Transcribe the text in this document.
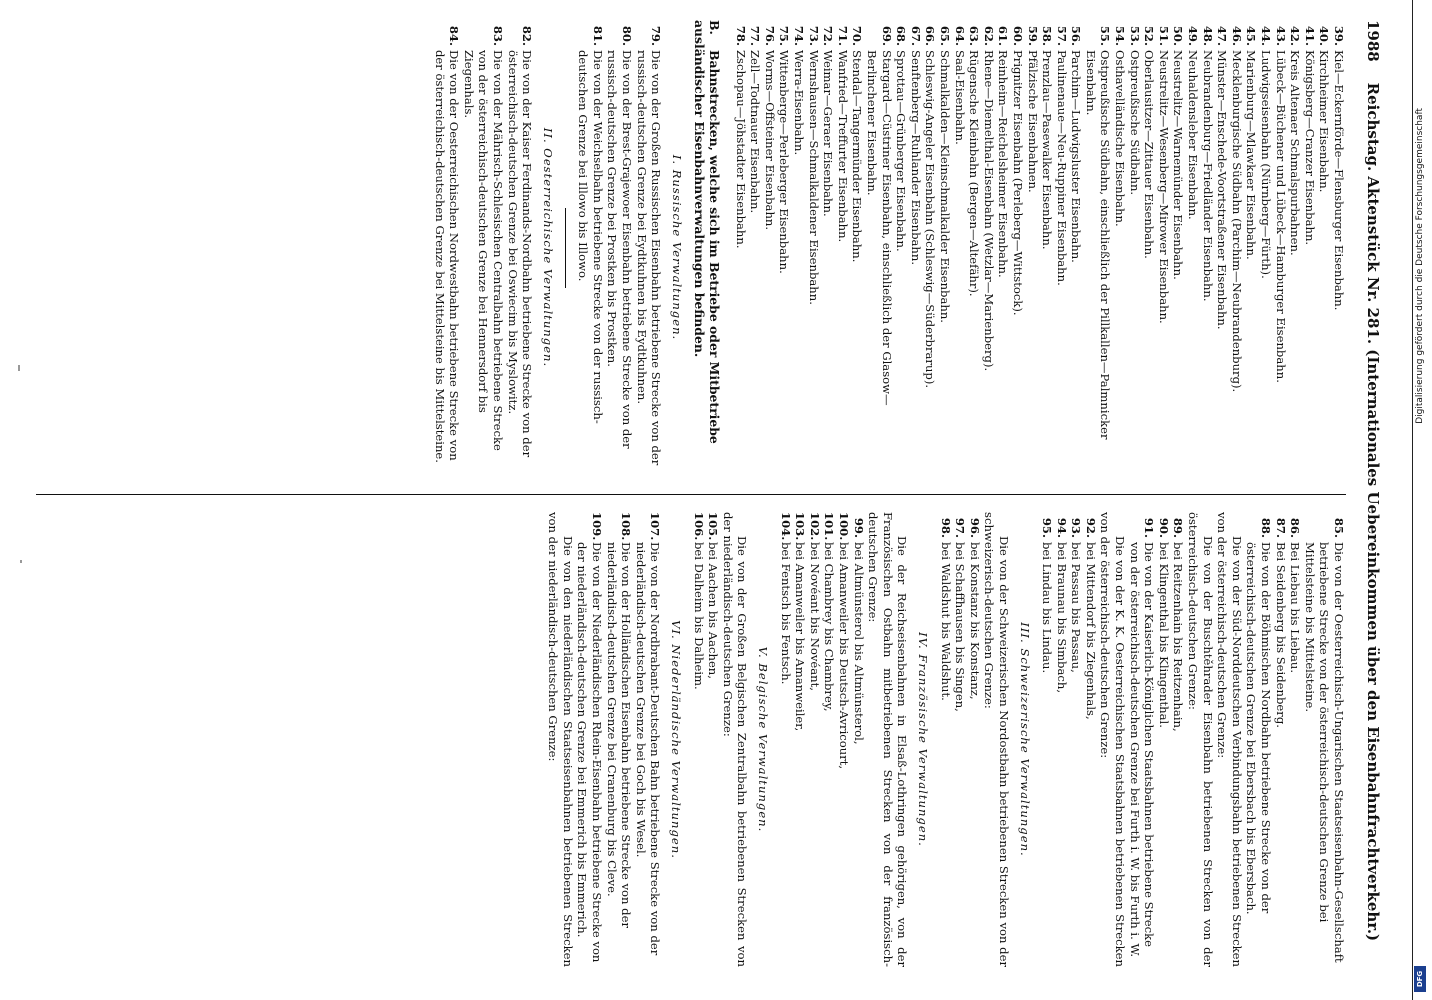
1988    Reichstag. Aktenstück Nr. 281. (Internationales Uebereinkommen über den Eisenbahnfrachtverkehr.)
39.
Kiel—Eckernförde—Flensburger Eisenbahn.
40.
Kirchheimer Eisenbahn.
41.
Königsberg—Cranzer Eisenbahn.
42.
Kreis Altenaer Schmalspurbahnen.
43.
Lübeck—Büchener und Lübeck—Hamburger Eisenbahn.
44.
Ludwigseisenbahn (Nürnberg—Fürth).
45.
Marienburg—Mlawkaer Eisenbahn.
46.
Mecklenburgische Südbahn (Parchim—Neubrandenburg).
47.
Münster—Enschede-Voortstraßener Eisenbahn.
48.
Neubrandenburg—Friedländer Eisenbahn.
49.
Neuhaldensleber Eisenbahn.
50.
Neustrelitz—Warnemünder Eisenbahn.
51.
Neustrelitz—Wesenberg—Mirower Eisenbahn.
52.
Oberlausitzer—Zittauer Eisenbahn.
53.
Ostpreußische Südbahn.
54.
Osthavelländische Eisenbahn.
55.
Ostpreußische Südbahn, einschließlich der Pillkallen—Palmnicker Eisenbahn.
56.
Parchim—Ludwigsluster Eisenbahn.
57.
Paulinenaue—Neu-Ruppiner Eisenbahn.
58.
Prenzlau—Pasewalker Eisenbahn.
59.
Pfälzische Eisenbahnen.
60.
Prignitzer Eisenbahn (Perleberg—Wittstock).
61.
Reinheim—Reichelsheimer Eisenbahn.
62.
Rhene—Diemelthal-Eisenbahn (Wetzlar—Marienberg).
63.
Rügensche Kleinbahn (Bergen—Altefähr).
64.
Saal-Eisenbahn.
65.
Schmalkalden—Kleinschmalkalder Eisenbahn.
66.
Schleswig-Angeler Eisenbahn (Schleswig—Süderbrarup).
67.
Senftenberg—Ruhlander Eisenbahn.
68.
Sprottau—Grünberger Eisenbahn.
69.
Stargard—Cüstriner Eisenbahn, einschließlich der Glasow—Berlinchener Eisenbahn.
70.
Stendal—Tangermünder Eisenbahn.
71.
Wanfried—Treffurter Eisenbahn.
72.
Weimar—Geraer Eisenbahn.
73.
Wernshausen—Schmalkaldener Eisenbahn.
74.
Werra-Eisenbahn.
75.
Wittenberge—Perleberger Eisenbahn.
76.
Worms—Offsteiner Eisenbahn.
77.
Zell—Todtnauer Eisenbahn.
78.
Zschopau—Jöhstadter Eisenbahn.
B.Bahnstrecken, welche sich im Betriebe oder Mitbetriebe ausländischer Eisenbahnverwaltungen befinden.
I. Russische Verwaltungen.
79.
Die von der Großen Russischen Eisenbahn betriebene Strecke von der russisch-deutschen Grenze bei Eydtkuhnen bis Eydtkuhnen.
80.
Die von der Brest-Grajewoer Eisenbahn betriebene Strecke von der russisch-deutschen Grenze bei Prostken bis Prostken.
81.
Die von der Weichselbahn betriebene Strecke von der russisch-deutschen Grenze bei Illowo bis Illowo.
II. Oesterreichische Verwaltungen.
82.
Die von der Kaiser Ferdinands-Nordbahn betriebene Strecke von der österreichisch-deutschen Grenze bei Oswiecim bis Myslowitz.
83.
Die von der Mährisch-Schlesischen Centralbahn betriebene Strecke von der österreichisch-deutschen Grenze bei Hennersdorf bis Ziegenhals.
84.
Die von der Oesterreichischen Nordwestbahn betriebene Strecke von der österreichisch-deutschen Grenze bei Mittelsteine bis Mittelsteine.
85.
Die von der Oesterreichisch-Ungarischen Staatseisenbahn-Gesellschaft betriebene Strecke von der österreichisch-deutschen Grenze bei Mittelsteine bis Mittelsteine.
86.
Bei Liebau bis Liebau.
87.
Bei Seidenberg bis Seidenberg.
88.
Die von der Böhmischen Nordbahn betriebene Strecke von der österreichisch-deutschen Grenze bei Ebersbach bis Ebersbach.
Die von der Süd-Norddeutschen Verbindungsbahn betriebenen Strecken von der österreichisch-deutschen Grenze:
Die von der Buschtěhrader Eisenbahn betriebenen Strecken von der österreichisch-deutschen Grenze:
89.
bei Reitzenhain bis Reitzenhain,
90.
bei Klingenthal bis Klingenthal.
91.
Die von der Kaiserlich-Königlichen Staatsbahnen betriebene Strecke von der österreichisch-deutschen Grenze bei Furth i. W. bis Furth i. W.
Die von der K. K. Oesterreichischen Staatsbahnen betriebenen Strecken von der österreichisch-deutschen Grenze:
92.
bei Mittendorf bis Ziegenhals,
93.
bei Passau bis Passau,
94.
bei Braunau bis Simbach,
95.
bei Lindau bis Lindau.
III. Schweizerische Verwaltungen.
Die von der Schweizerischen Nordostbahn betriebenen Strecken von der schweizerisch-deutschen Grenze:
96.
bei Konstanz bis Konstanz,
97.
bei Schaffhausen bis Singen,
98.
bei Waldshut bis Waldshut.
IV. Französische Verwaltungen.
Die der Reichseisenbahnen in Elsaß-Lothringen gehörigen, von der Französischen Ostbahn mitbetriebenen Strecken von der französisch-deutschen Grenze:
99.
bei Altmünsterol bis Altmünsterol,
100.
bei Amanweiler bis Deutsch-Avricourt,
101.
bei Chambrey bis Chambrey,
102.
bei Novéant bis Novéant,
103.
bei Amanweiler bis Amanweiler,
104.
bei Fentsch bis Fentsch.
V. Belgische Verwaltungen.
Die von der Großen Belgischen Zentralbahn betriebenen Strecken von der niederländisch-deutschen Grenze:
105.
bei Aachen bis Aachen,
106.
bei Dalheim bis Dalheim.
VI. Niederländische Verwaltungen.
107.
Die von der Nordbrabant-Deutschen Bahn betriebene Strecke von der niederländisch-deutschen Grenze bei Goch bis Wesel.
108.
Die von der Holländischen Eisenbahn betriebene Strecke von der niederländisch-deutschen Grenze bei Cranenburg bis Cleve.
109.
Die von der Niederländischen Rhein-Eisenbahn betriebene Strecke von der niederländisch-deutschen Grenze bei Emmerich bis Emmerich.
Die von den niederländischen Staatseisenbahnen betriebenen Strecken von der niederländisch-deutschen Grenze:
Digitalisierung gefördert durch die Deutsche Forschungsgemeinschaft
DFG
